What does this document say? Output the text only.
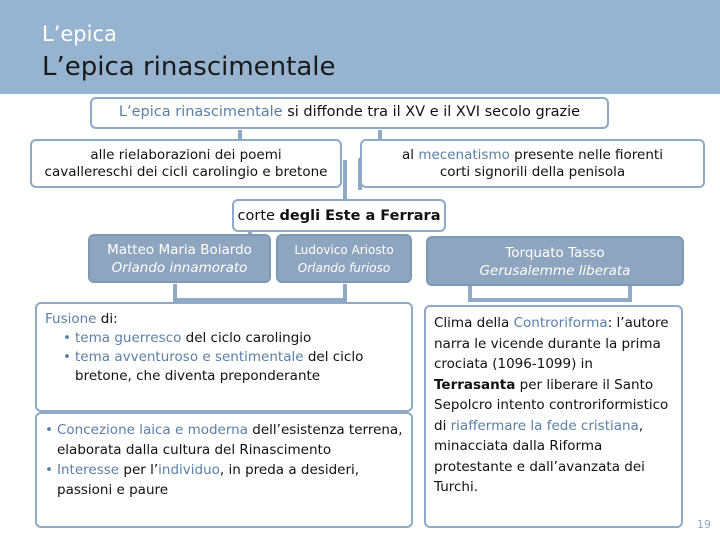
L’epica
L’epica rinascimentale
L’epica rinascimentale si diffonde tra il XV e il XVI secolo grazie
alle rielaborazioni dei poemi
cavallereschi dei cicli carolingio e bretone
al mecenatismo presente nelle fiorenti
corti signorili della penisola
corte degli Este a Ferrara
Matteo Maria Boiardo
Orlando innamorato
Ludovico Ariosto
Orlando furioso
Torquato Tasso
Gerusalemme liberata
Fusione di:
• tema guerresco del ciclo carolingio
• tema avventuroso e sentimentale del ciclo bretone, che diventa preponderante
• Concezione laica e moderna dell’esistenza terrena, elaborata dalla cultura del Rinascimento
• Interesse per l’individuo, in preda a desideri, passioni e paure
Clima della Controriforma: l’autore narra le vicende durante la prima crociata (1096-1099) in Terrasanta per liberare il Santo Sepolcro intento controriformistico di riaffermare la fede cristiana, minacciata dalla Riforma protestante e dall’avanzata dei Turchi.
19
